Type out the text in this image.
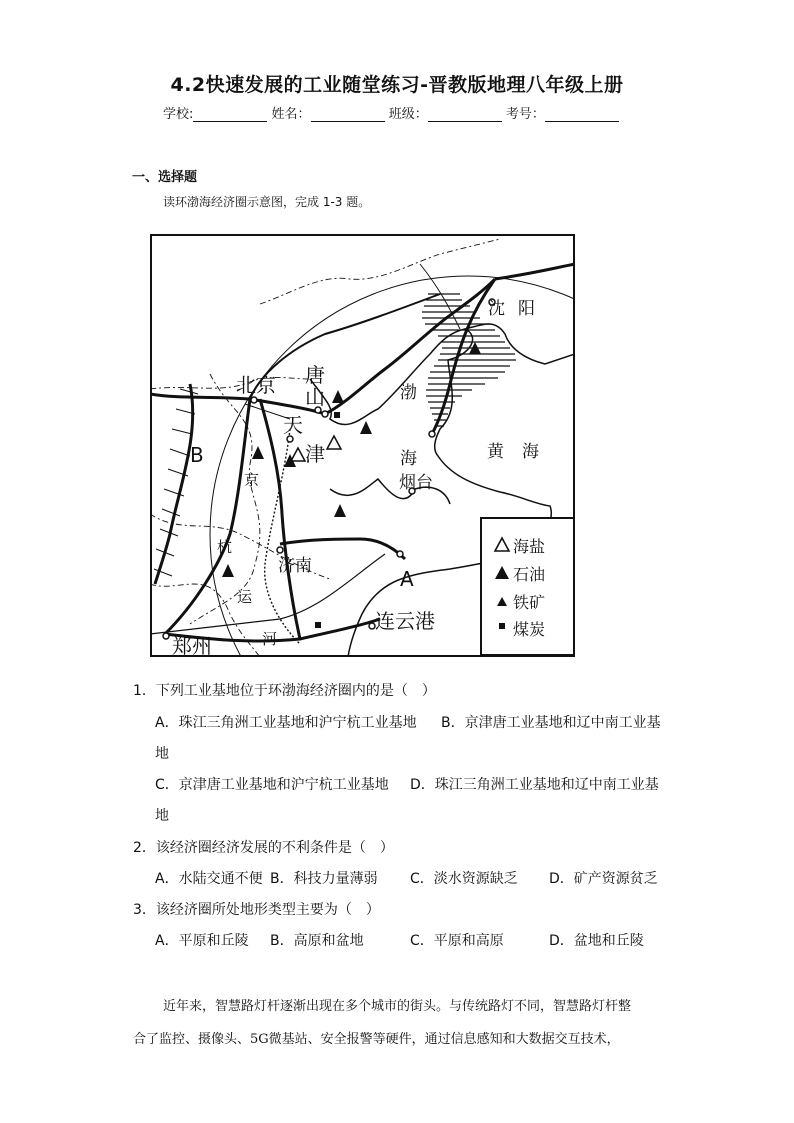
4.2快速发展的工业随堂练习-晋教版地理八年级上册
学校:	姓名：	班级：	考号：
一、选择题
读环渤海经济圈示意图，完成 1-3 题。
沈 阳
北京 唐
山
天
津
渤
海	黄 海
烟台
济南
连云港
郑州
B
A
京
杭
运
河
海盐
石油
铁矿
煤炭
1．下列工业基地位于环渤海经济圈内的是（　）
A．珠江三角洲工业基地和沪宁杭工业基地 B．京津唐工业基地和辽中南工业基
地
C．京津唐工业基地和沪宁杭工业基地 D．珠江三角洲工业基地和辽中南工业基
地
2．该经济圈经济发展的不利条件是（　）
A．水陆交通不便 B．科技力量薄弱 C．淡水资源缺乏 D．矿产资源贫乏
3．该经济圈所处地形类型主要为（　）
A．平原和丘陵 B．高原和盆地	C．平原和高原	D．盆地和丘陵
近年来，智慧路灯杆逐渐出现在多个城市的街头。与传统路灯不同，智慧路灯杆整
合了监控、摄像头、5G微基站、安全报警等硬件，通过信息感知和大数据交互技术，
